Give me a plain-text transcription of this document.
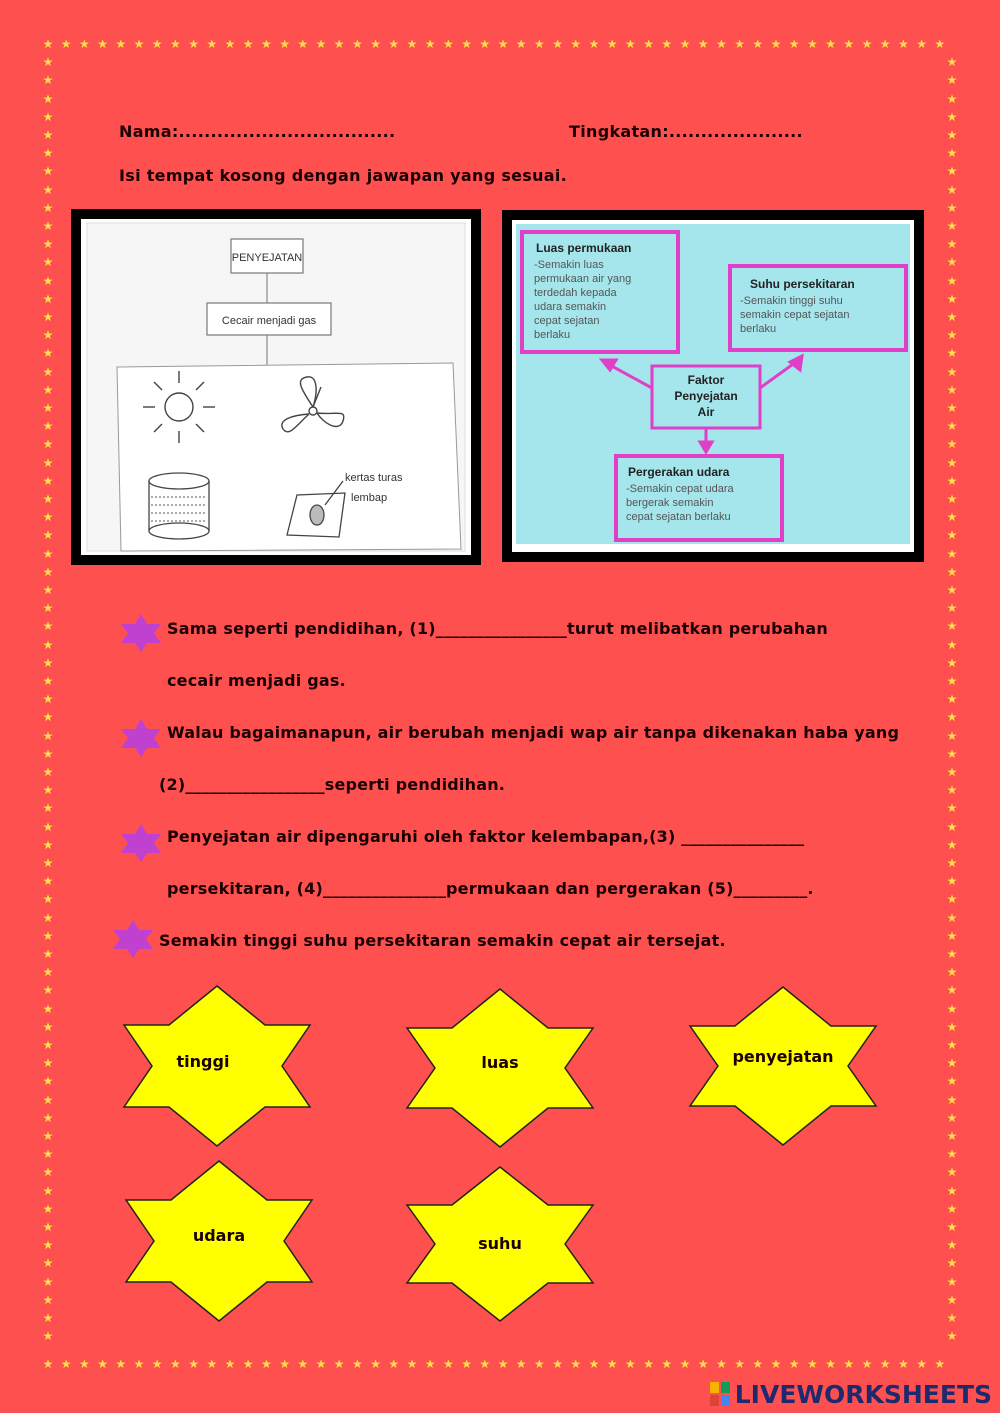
★
★
★
★
★
★
★
★
★
★
★
★
★
★
★
★
★
★
★
★
★
★
★
★
★
★
★
★
★
★
★
★
★
★
★
★
★
★
★
★
★
★
★
★
★
★
★
★
★
★
★
★
★
★
★
★
★
★
★
★
★
★
★
★
★
★
★
★
★
★
★
★
★
★
★
★
★
★
★
★
★
★
★
★
★
★
★
★
★
★
★
★
★
★
★
★
★
★
★
★
★	★
★	★
★	★
★	★
★	★
★	★
★	★
★	★
★	★
★	★
★	★
★	★
★	★
★	★
★	★
★	★
★	★
★	★
★	★
★	★
★	★
★	★
★	★
★	★
★	★
★	★
★	★
★	★
★	★
★	★
★	★
★	★
★	★
★	★
★	★
★	★
★	★
★	★
★	★
★	★
★	★
★	★
★	★
★	★
★	★
★	★
★	★
★	★
★	★
★	★
★	★
★	★
★	★
★	★
★	★
★	★
★	★
★	★
★	★
★	★
★	★
★	★
★	★
★	★
★	★
★	★
★	★
★	★
★	★
★	★
★	★
Nama:..................................	Tingkatan:.....................
Isi tempat kosong dengan jawapan yang sesuai.
PENYEJATAN
Cecair menjadi gas
kertas turas
lembap
Luas permukaan
-Semakin luas
permukaan air yang
terdedah kepada
udara semakin
cepat sejatan
berlaku
Suhu persekitaran
-Semakin tinggi suhu
semakin cepat sejatan
berlaku
Faktor
Penyejatan
Air
Pergerakan udara
-Semakin cepat udara
bergerak semakin
cepat sejatan berlaku
Sama seperti pendidihan, (1)________________turut melibatkan perubahan
cecair menjadi gas.
Walau bagaimanapun, air berubah menjadi wap air tanpa dikenakan haba yang
(2)_________________seperti pendidihan.
Penyejatan air dipengaruhi oleh faktor kelembapan,(3) _______________
persekitaran, (4)_______________permukaan dan pergerakan (5)_________.
Semakin tinggi suhu persekitaran semakin cepat air tersejat.
tinggi	luas	penyejatan
udara	suhu
LIVE WORKSHEETS
